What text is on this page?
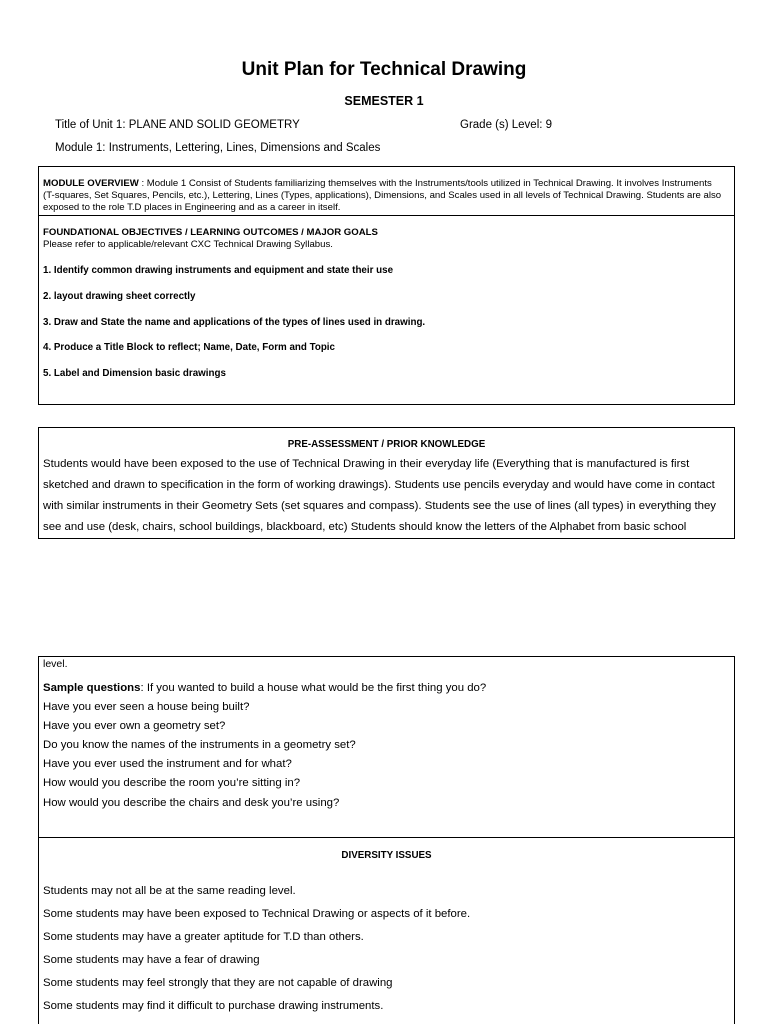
Unit Plan for Technical Drawing
SEMESTER 1
Title of Unit 1: PLANE AND SOLID GEOMETRY	Grade (s) Level: 9
Module 1: Instruments, Lettering, Lines, Dimensions and Scales
MODULE OVERVIEW : Module 1 Consist of Students familiarizing themselves with the Instruments/tools utilized in Technical Drawing. It involves Instruments (T-squares, Set Squares, Pencils, etc.), Lettering, Lines (Types, applications), Dimensions, and Scales used in all levels of Technical Drawing. Students are also exposed to the role T.D places in Engineering and as a career in itself.
FOUNDATIONAL OBJECTIVES / LEARNING OUTCOMES / MAJOR GOALS
Please refer to applicable/relevant CXC Technical Drawing Syllabus.
1. Identify common drawing instruments and equipment and state their use
2. layout drawing sheet correctly
3. Draw and State the name and applications of the types of lines used in drawing.
4. Produce a Title Block to reflect; Name, Date, Form and Topic
5. Label and Dimension basic drawings
PRE-ASSESSMENT / PRIOR KNOWLEDGE
Students would have been exposed to the use of Technical Drawing in their everyday life (Everything that is manufactured is first sketched and drawn to specification in the form of working drawings). Students use pencils everyday and would have come in contact with similar instruments in their Geometry Sets (set squares and compass). Students see the use of lines (all types) in everything they see and use (desk, chairs, school buildings, blackboard, etc) Students should know the letters of the Alphabet from basic school
level.
Sample questions: If you wanted to build a house what would be the first thing you do?
Have you ever seen a house being built?
Have you ever own a geometry set?
Do you know the names of the instruments in a geometry set?
Have you ever used the instrument and for what?
How would you describe the room you’re sitting in?
How would you describe the chairs and desk you’re using?
DIVERSITY ISSUES
Students may not all be at the same reading level.
Some students may have been exposed to Technical Drawing or aspects of it before.
Some students may have a greater aptitude for T.D than others.
Some students may have a fear of drawing
Some students may feel strongly that they are not capable of drawing
Some students may find it difficult to purchase drawing instruments.
